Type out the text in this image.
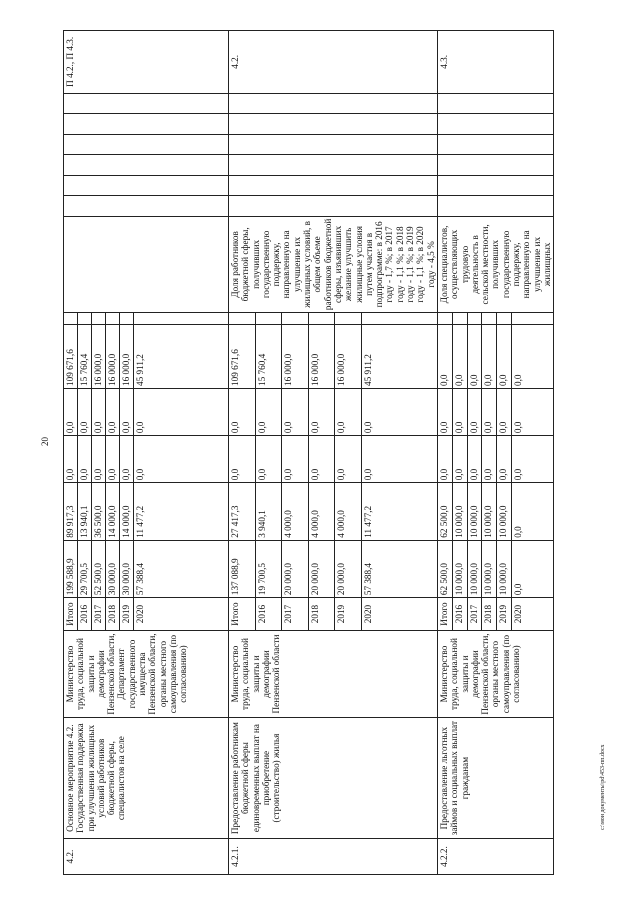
20
4.2.	Основное мероприятие 4.2. Государственная поддержка при улучшении жилищных условий работников бюджетной сферы, специалистов на селе	Министерство труда, социальной защиты и демографии Пензенской области, Департамент государственного имущества Пензенской области, органы местного самоуправления (по согласованию)	Итого	199 588,9	89 917,3	0,0	0,0	109 671,6									П 4.2., П 4.3.
			2016	29 700,5	13 940,1	0,0	0,0	15 760,4									
			2017	52 500,0	36 500,0	0,0	0,0	16 000,0									
			2018	30 000,0	14 000,0	0,0	0,0	16 000,0									
			2019	30 000,0	14 000,0	0,0	0,0	16 000,0									
			2020	57 388,4	11 477,2	0,0	0,0	45 911,2									
4.2.1.	Предоставление работникам бюджетной сферы единовременных выплат на приобретение (строительство) жилья	Министерство труда, социальной защиты и демографии Пензенской области	Итого	137 088,9	27 417,3	0,0	0,0	109 671,6		Доля работников бюджетной сферы, получивших государственную поддержку, направленную на улучшение их жилищных условий, в общем объеме работников бюджетной сферы, изъявивших желание улучшить жилищные условия путем участия в подпрограмме: в 2016 году - 1,7 %; в 2017 году - 1,1 %; в 2018 году - 1,1 %; в 2019 году - 1,1 %; в 2020 году - 4,5 %							4.2.
			2016	19 700,5	3 940,1	0,0	0,0	15 760,4									
			2017	20 000,0	4 000,0	0,0	0,0	16 000,0									
			2018	20 000,0	4 000,0	0,0	0,0	16 000,0									
			2019	20 000,0	4 000,0	0,0	0,0	16 000,0									
			2020	57 388,4	11 477,2	0,0	0,0	45 911,2									
4.2.2.	Предоставление льготных займов и социальных выплат гражданам	Министерство труда, социальной защиты и демографии Пензенской области, органы местного самоуправления (по согласованию)	Итого	62 500,0	62 500,0	0,0	0,0	0,0		Доля специалистов, осуществляющих трудовую деятельность в сельской местности, получивших государственную поддержку, направленную на улучшение их жилищных							4.3.
			2016	10 000,0	10 000,0	0,0	0,0	0,0									
			2017	10 000,0	10 000,0	0,0	0,0	0,0									
			2018	10 000,0	10 000,0	0,0	0,0	0,0									
			2019	10 000,0	10 000,0	0,0	0,0	0,0									
			2020	0,0	0,0	0,0	0,0	0,0									
c:\мои документы\pd\453-пп.docx
